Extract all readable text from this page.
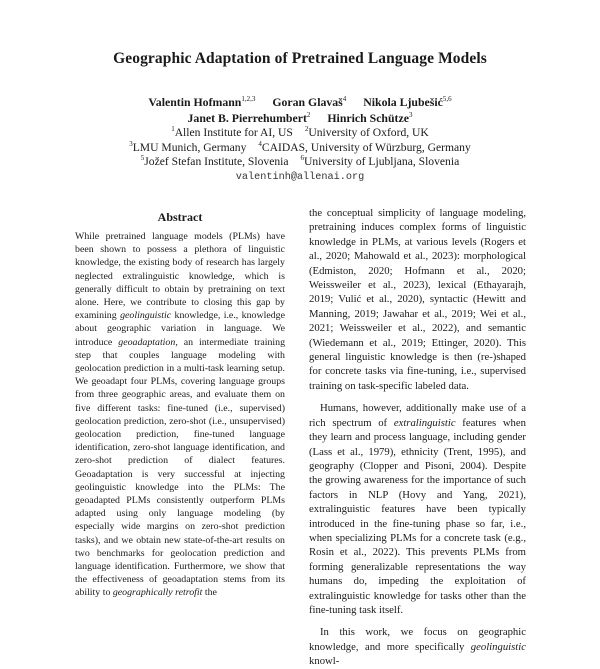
Geographic Adaptation of Pretrained Language Models
Valentin Hofmann$^{1,2,3}$ Goran Glavaš$^4$ Nikola Ljubešić$^{5,6}$
Janet B. Pierrehumbert$^2$ Hinrich Schütze$^3$
$^1$Allen Institute for AI, US $^2$University of Oxford, UK
$^3$LMU Munich, Germany $^4$CAIDAS, University of Würzburg, Germany
$^5$Jožef Stefan Institute, Slovenia $^6$University of Ljubljana, Slovenia
valentinh@allenai.org
Abstract

While pretrained language models (PLMs) have been shown to possess a plethora of linguistic knowledge, the existing body of research has largely neglected extralinguistic knowledge, which is generally difficult to obtain by pretraining on text alone. Here, we contribute to closing this gap by examining geolinguistic knowledge, i.e., knowledge about geographic variation in language. We introduce geoadaptation, an intermediate training step that couples language modeling with geolocation prediction in a multi-task learning setup. We geoadapt four PLMs, covering language groups from three geographic areas, and evaluate them on five different tasks: fine-tuned (i.e., supervised) geolocation prediction, zero-shot (i.e., unsupervised) geolocation prediction, fine-tuned language identification, zero-shot language identification, and zero-shot prediction of dialect features. Geoadaptation is very successful at injecting geolinguistic knowledge into the PLMs: The geoadapted PLMs consistently outperform PLMs adapted using only language modeling (by especially wide margins on zero-shot prediction tasks), and we obtain new state-of-the-art results on two benchmarks for geolocation prediction and language identification. Furthermore, we show that the effectiveness of geoadaptation stems from its ability to geographically retrofit the

the conceptual simplicity of language modeling, pretraining induces complex forms of linguistic knowledge in PLMs, at various levels (Rogers et al., 2020; Mahowald et al., 2023): morphological (Edmiston, 2020; Hofmann et al., 2020; Weissweiler et al., 2023), lexical (Ethayarajh, 2019; Vulić et al., 2020), syntactic (Hewitt and Manning, 2019; Jawahar et al., 2019; Wei et al., 2021; Weissweiler et al., 2022), and semantic (Wiedemann et al., 2019; Ettinger, 2020). This general linguistic knowledge is then (re-)shaped for concrete tasks via fine-tuning, i.e., supervised training on task-specific labeled data.

Humans, however, additionally make use of a rich spectrum of extralinguistic features when they learn and process language, including gender (Lass et al., 1979), ethnicity (Trent, 1995), and geography (Clopper and Pisoni, 2004). Despite the growing awareness for the importance of such factors in NLP (Hovy and Yang, 2021), extralinguistic features have been typically introduced in the fine-tuning phase so far, i.e., when specializing PLMs for a concrete task (e.g., Rosin et al., 2022). This prevents PLMs from forming generalizable representations the way humans do, impeding the exploitation of extralinguistic knowledge for tasks other than the fine-tuning task itself.

In this work, we focus on geographic knowledge, and more specifically geolinguistic knowl-
